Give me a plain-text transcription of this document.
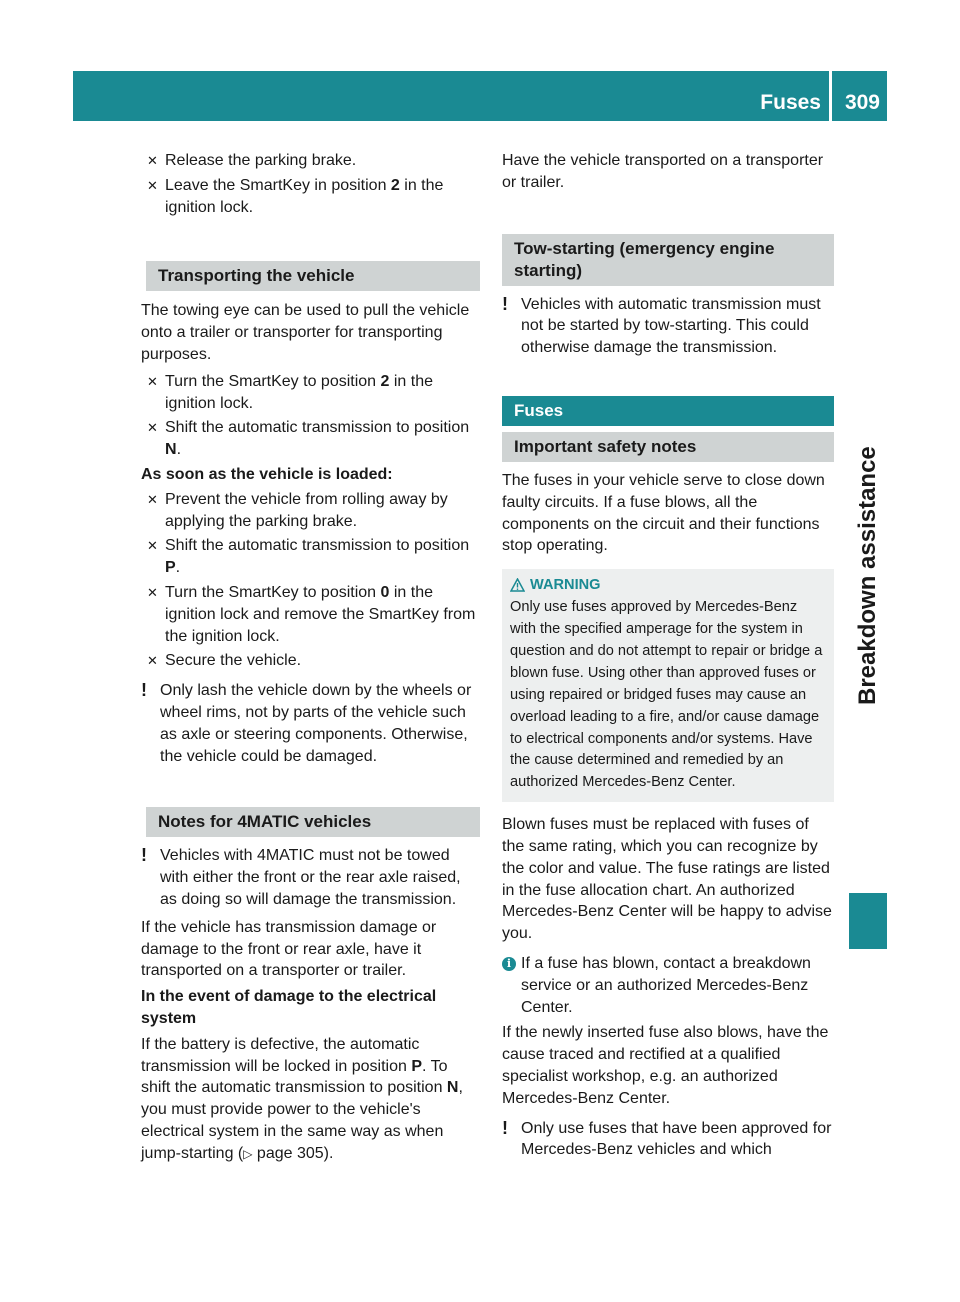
Fuses 309
Breakdown assistance

✕ Release the parking brake.

✕ Leave the SmartKey in position 2 in the ignition lock.

Transporting the vehicle

The towing eye can be used to pull the vehicle onto a trailer or transporter for transporting purposes.

✕ Turn the SmartKey to position 2 in the ignition lock.

✕ Shift the automatic transmission to position N.

As soon as the vehicle is loaded:

✕ Prevent the vehicle from rolling away by applying the parking brake.

✕ Shift the automatic transmission to position P.

✕ Turn the SmartKey to position 0 in the ignition lock and remove the SmartKey from the ignition lock.

✕ Secure the vehicle.

! Only lash the vehicle down by the wheels or wheel rims, not by parts of the vehicle such as axle or steering components. Otherwise, the vehicle could be damaged.

Notes for 4MATIC vehicles

! Vehicles with 4MATIC must not be towed with either the front or the rear axle raised, as doing so will damage the transmission.

If the vehicle has transmission damage or damage to the front or rear axle, have it transported on a transporter or trailer.

In the event of damage to the electrical system

If the battery is defective, the automatic transmission will be locked in position P. To shift the automatic transmission to position N, you must provide power to the vehicle's electrical system in the same way as when jump-starting (▷ page 305).

Have the vehicle transported on a transporter or trailer.

Tow-starting (emergency engine starting)

! Vehicles with automatic transmission must not be started by tow-starting. This could otherwise damage the transmission.

Fuses
Important safety notes

The fuses in your vehicle serve to close down faulty circuits. If a fuse blows, all the components on the circuit and their functions stop operating.

WARNING
Only use fuses approved by Mercedes-Benz with the specified amperage for the system in question and do not attempt to repair or bridge a blown fuse. Using other than approved fuses or using repaired or bridged fuses may cause an overload leading to a fire, and/or cause damage to electrical components and/or systems. Have the cause determined and remedied by an authorized Mercedes-Benz Center.

Blown fuses must be replaced with fuses of the same rating, which you can recognize by the color and value. The fuse ratings are listed in the fuse allocation chart. An authorized Mercedes-Benz Center will be happy to advise you.

i If a fuse has blown, contact a breakdown service or an authorized Mercedes-Benz Center.

If the newly inserted fuse also blows, have the cause traced and rectified at a qualified specialist workshop, e.g. an authorized Mercedes-Benz Center.

! Only use fuses that have been approved for Mercedes-Benz vehicles and which
